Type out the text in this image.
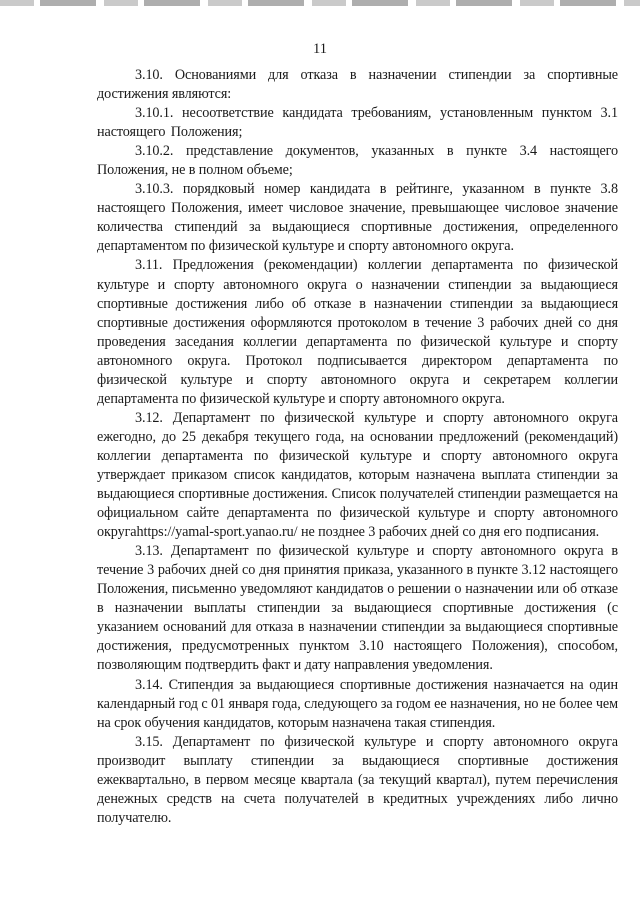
11

3.10. Основаниями для отказа в назначении стипендии за спортивные достижения являются:

3.10.1. несоответствие кандидата требованиям, установленным пунктом 3.1 настоящего Положения;

3.10.2. представление документов, указанных в пункте 3.4 настоящего Положения, не в полном объеме;

3.10.3. порядковый номер кандидата в рейтинге, указанном в пункте 3.8 настоящего Положения, имеет числовое значение, превышающее числовое значение количества стипендий за выдающиеся спортивные достижения, определенного департаментом по физической культуре и спорту автономного округа.

3.11. Предложения (рекомендации) коллегии департамента по физической культуре и спорту автономного округа о назначении стипендии за выдающиеся спортивные достижения либо об отказе в назначении стипендии за выдающиеся спортивные достижения оформляются протоколом в течение 3 рабочих дней со дня проведения заседания коллегии департамента по физической культуре и спорту автономного округа. Протокол подписывается директором департамента по физической культуре и спорту автономного округа и секретарем коллегии департамента по физической культуре и спорту автономного округа.

3.12. Департамент по физической культуре и спорту автономного округа ежегодно, до 25 декабря текущего года, на основании предложений (рекомендаций) коллегии департамента по физической культуре и спорту автономного округа утверждает приказом список кандидатов, которым назначена выплата стипендии за выдающиеся спортивные достижения. Список получателей стипендии размещается на официальном сайте департамента по физической культуре и спорту автономного округаhttps://yamal-sport.yanao.ru/ не позднее 3 рабочих дней со дня его подписания.

3.13. Департамент по физической культуре и спорту автономного округа в течение 3 рабочих дней со дня принятия приказа, указанного в пункте 3.12 настоящего Положения, письменно уведомляют кандидатов о решении о назначении или об отказе в назначении выплаты стипендии за выдающиеся спортивные достижения (с указанием оснований для отказа в назначении стипендии за выдающиеся спортивные достижения, предусмотренных пунктом 3.10 настоящего Положения), способом, позволяющим подтвердить факт и дату направления уведомления.

3.14. Стипендия за выдающиеся спортивные достижения назначается на один календарный год с 01 января года, следующего за годом ее назначения, но не более чем на срок обучения кандидатов, которым назначена такая стипендия.

3.15. Департамент по физической культуре и спорту автономного округа производит выплату стипендии за выдающиеся спортивные достижения ежеквартально, в первом месяце квартала (за текущий квартал), путем перечисления денежных средств на счета получателей в кредитных учреждениях либо лично получателю.
